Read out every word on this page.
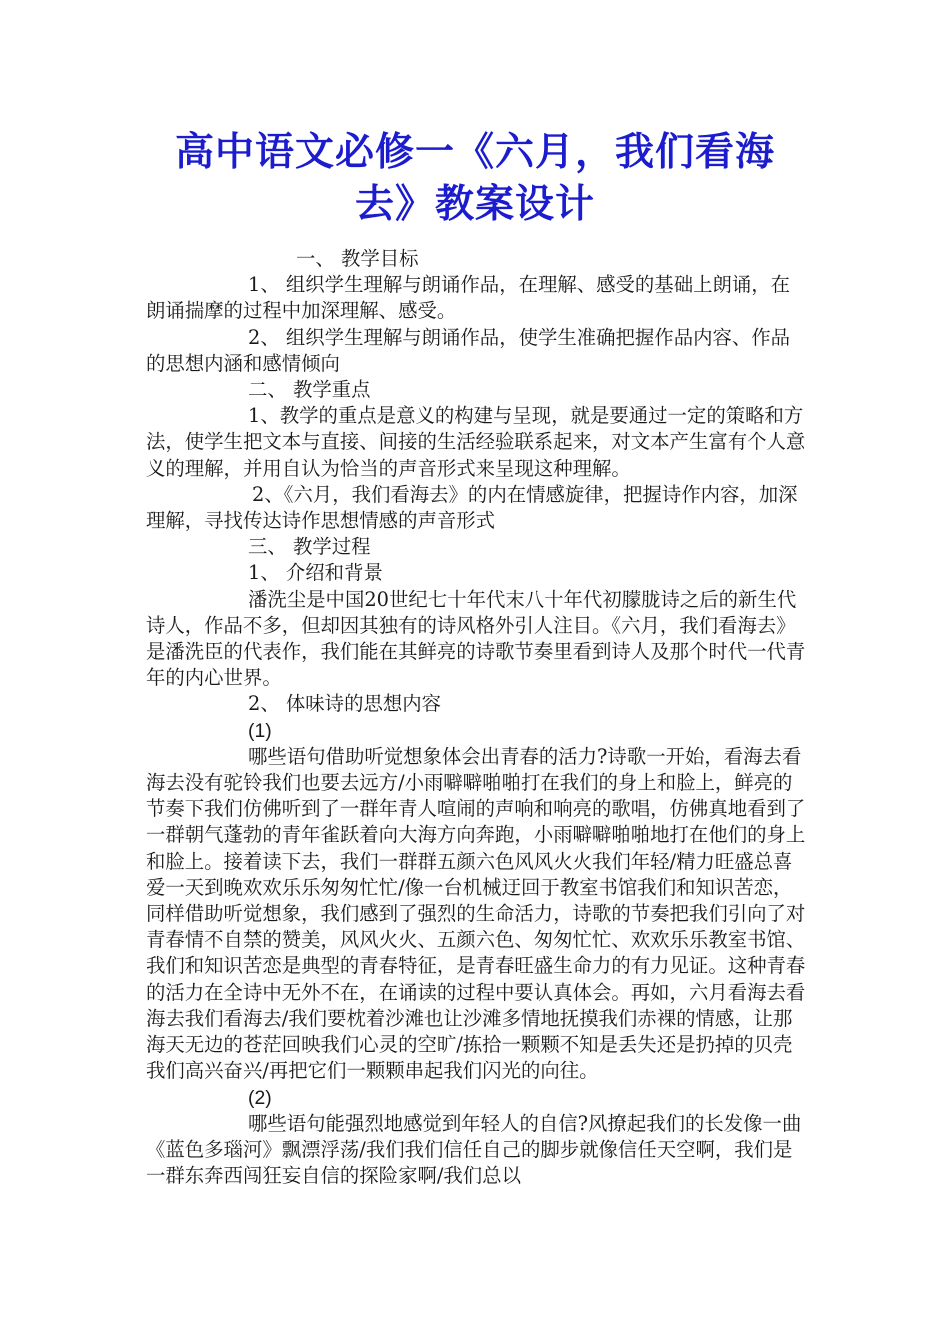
高中语文必修一《六月，我们看海
去》教案设计
一、 教学目标
1、 组织学生理解与朗诵作品，在理解、感受的基础上朗诵，在朗诵揣摩的过程中加深理解、感受。
2、 组织学生理解与朗诵作品，使学生准确把握作品内容、作品的思想内涵和感情倾向
二、 教学重点
1、教学的重点是意义的构建与呈现，就是要通过一定的策略和方法，使学生把文本与直接、间接的生活经验联系起来，对文本产生富有个人意义的理解，并用自认为恰当的声音形式来呈现这种理解。
2、《六月，我们看海去》的内在情感旋律，把握诗作内容，加深理解，寻找传达诗作思想情感的声音形式
三、 教学过程
1、 介绍和背景
潘洗尘是中国20世纪七十年代末八十年代初朦胧诗之后的新生代诗人，作品不多，但却因其独有的诗风格外引人注目。《六月，我们看海去》是潘洗臣的代表作，我们能在其鲜亮的诗歌节奏里看到诗人及那个时代一代青年的内心世界。
2、 体味诗的思想内容
(1)
哪些语句借助听觉想象体会出青春的活力?诗歌一开始，看海去看海去没有驼铃我们也要去远方/小雨噼噼啪啪打在我们的身上和脸上，鲜亮的节奏下我们仿佛听到了一群年青人喧闹的声响和响亮的歌唱，仿佛真地看到了一群朝气蓬勃的青年雀跃着向大海方向奔跑，小雨噼噼啪啪地打在他们的身上和脸上。接着读下去，我们一群群五颜六色风风火火我们年轻/精力旺盛总喜爱一天到晚欢欢乐乐匆匆忙忙/像一台机械迂回于教室书馆我们和知识苦恋，同样借助听觉想象，我们感到了强烈的生命活力，诗歌的节奏把我们引向了对青春情不自禁的赞美，风风火火、五颜六色、匆匆忙忙、欢欢乐乐教室书馆、我们和知识苦恋是典型的青春特征，是青春旺盛生命力的有力见证。这种青春的活力在全诗中无外不在，在诵读的过程中要认真体会。再如，六月看海去看海去我们看海去/我们要枕着沙滩也让沙滩多情地抚摸我们赤裸的情感，让那海天无边的苍茫回映我们心灵的空旷/拣拾一颗颗不知是丢失还是扔掉的贝壳我们高兴奋兴/再把它们一颗颗串起我们闪光的向往。
(2)
哪些语句能强烈地感觉到年轻人的自信?风撩起我们的长发像一曲《蓝色多瑙河》飘漂浮荡/我们我们信任自己的脚步就像信任天空啊，我们是一群东奔西闯狂妄自信的探险家啊/我们总以
